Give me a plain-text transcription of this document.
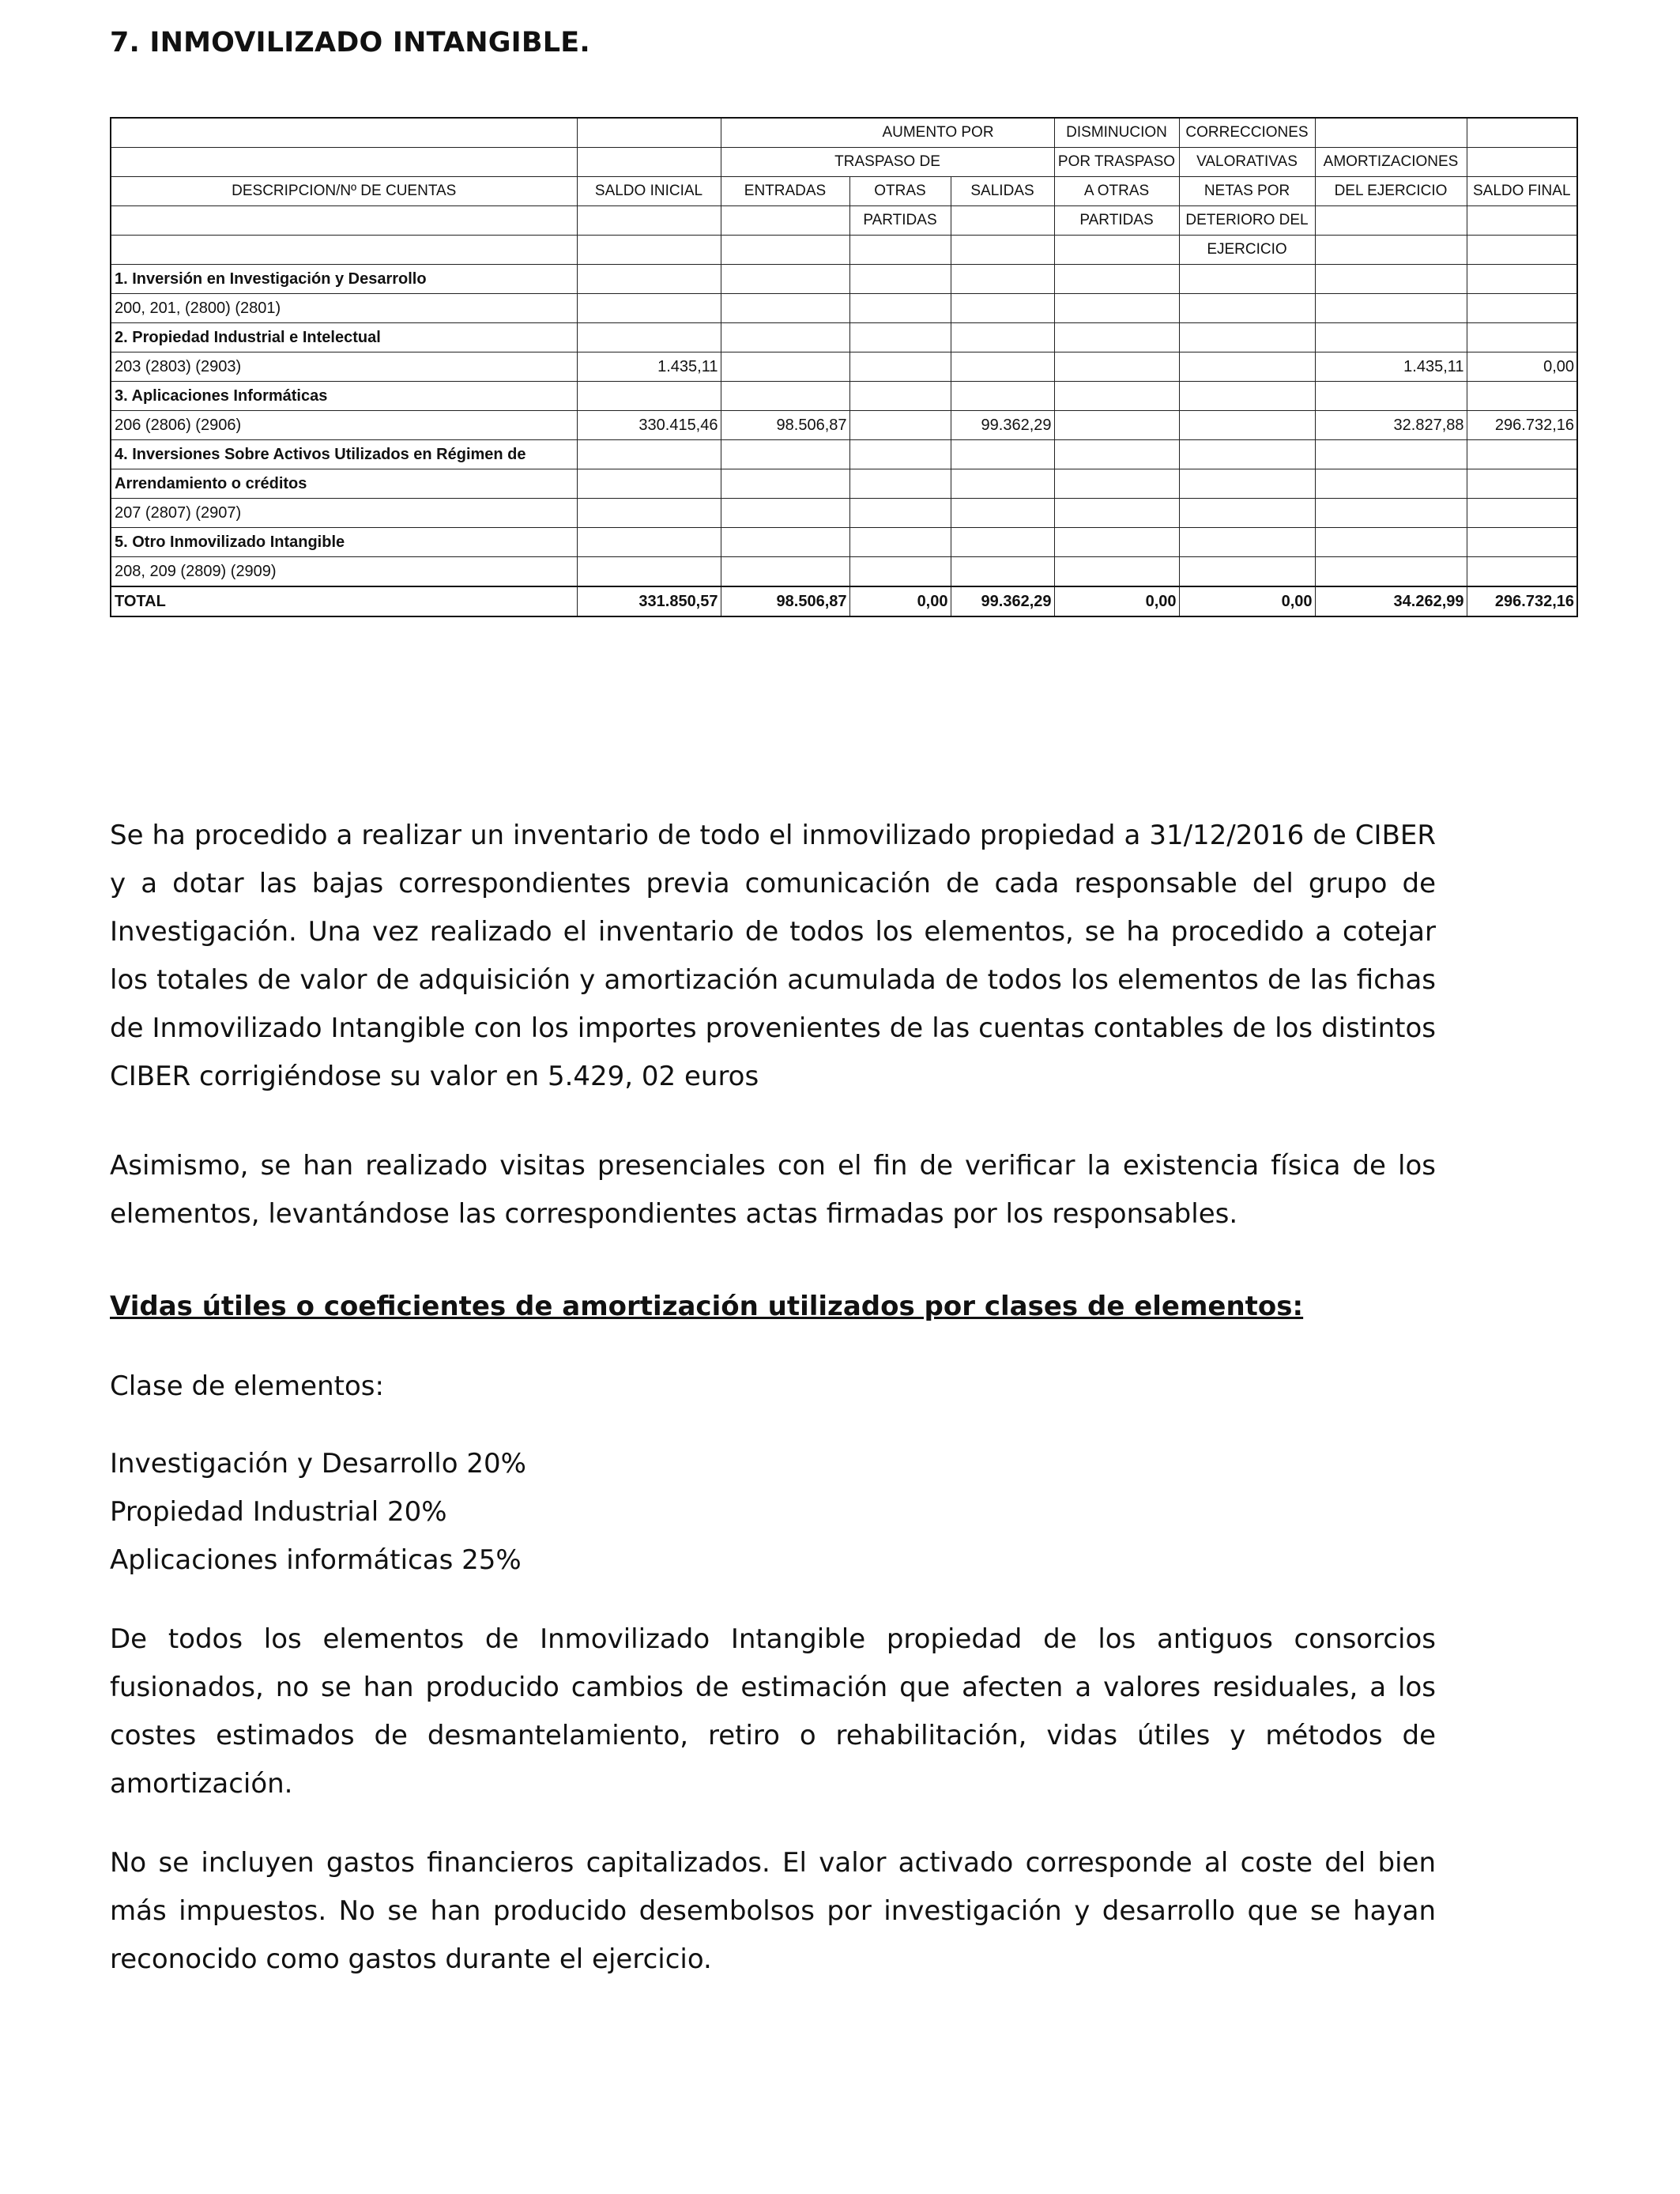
7. INMOVILIZADO INTANGIBLE.
		AUMENTO POR			DISMINUCION	CORRECCIONES		
		TRASPASO DE			POR TRASPASO	VALORATIVAS	AMORTIZACIONES	
DESCRIPCION/Nº DE CUENTAS	SALDO INICIAL	ENTRADAS	OTRAS	SALIDAS	A OTRAS	NETAS POR	DEL EJERCICIO	SALDO FINAL
			PARTIDAS		PARTIDAS	DETERIORO DEL		
						EJERCICIO		
1. Inversión en Investigación y Desarrollo								
200, 201, (2800) (2801)								
2. Propiedad Industrial e Intelectual								
203 (2803) (2903)	1.435,11						1.435,11	0,00
3. Aplicaciones Informáticas								
206 (2806) (2906)	330.415,46	98.506,87		99.362,29			32.827,88	296.732,16
4. Inversiones Sobre Activos Utilizados en Régimen de								
Arrendamiento o créditos								
207 (2807) (2907)								
5. Otro Inmovilizado Intangible								
208, 209 (2809) (2909)								
TOTAL	331.850,57	98.506,87	0,00	99.362,29	0,00	0,00	34.262,99	296.732,16
Se ha procedido a realizar un inventario de todo el inmovilizado propiedad a 31/12/2016 de CIBER y a dotar las bajas correspondientes previa comunicación de cada responsable del grupo de Investigación. Una vez realizado el inventario de todos los elementos, se ha procedido a cotejar los totales de valor de adquisición y amortización acumulada de todos los elementos de las fichas de Inmovilizado Intangible con los importes provenientes de las cuentas contables de los distintos CIBER corrigiéndose su valor en 5.429, 02 euros
Asimismo, se han realizado visitas presenciales con el fin de verificar la existencia física de los elementos, levantándose las correspondientes actas firmadas por los responsables.
Vidas útiles o coeficientes de amortización utilizados por clases de elementos:
Clase de elementos:
Investigación y Desarrollo 20%
Propiedad Industrial 20%
Aplicaciones informáticas 25%
De todos los elementos de Inmovilizado Intangible propiedad de los antiguos consorcios fusionados, no se han producido cambios de estimación que afecten a valores residuales, a los costes estimados de desmantelamiento, retiro o rehabilitación, vidas útiles y métodos de amortización.
No se incluyen gastos financieros capitalizados. El valor activado corresponde al coste del bien más impuestos. No se han producido desembolsos por investigación y desarrollo que se hayan reconocido como gastos durante el ejercicio.
